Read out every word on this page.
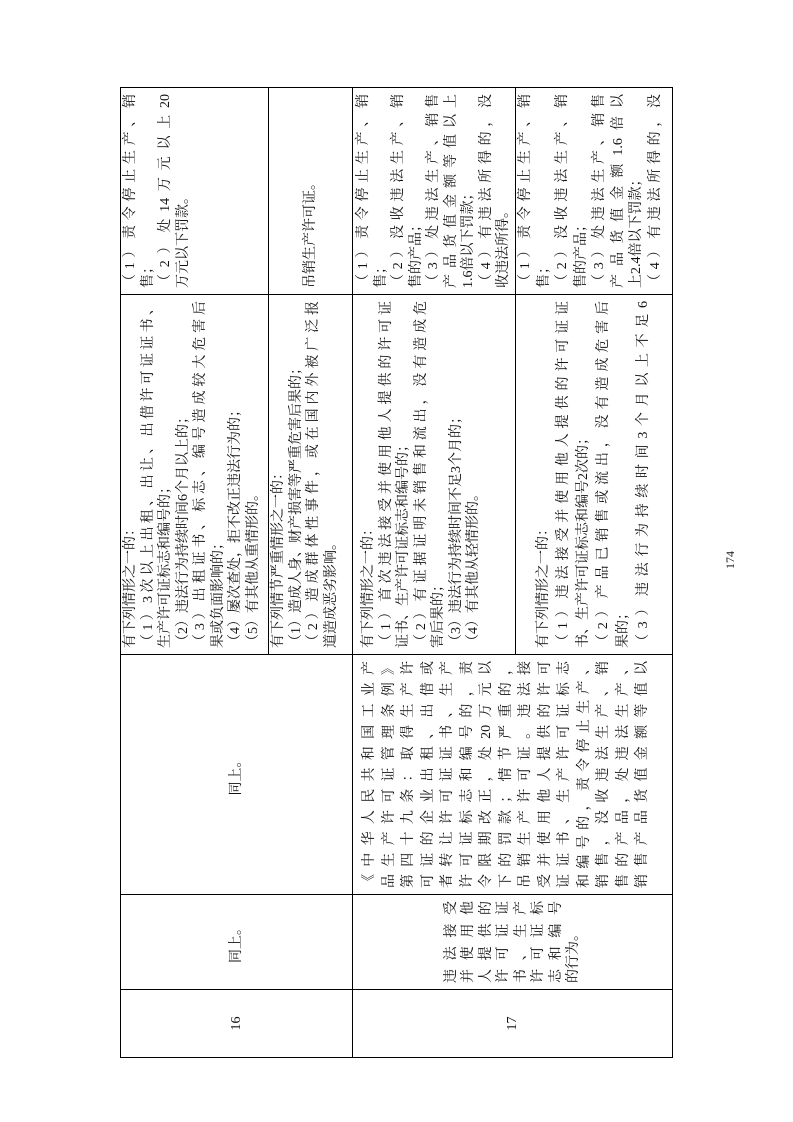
16
同上。
同上。
有下列情形之一的： （1）3次以上出租、出让、出借许可证证书、 生产许可证标志和编号的； （2）违法行为持续时间6个月以上的； （3）出租证书、标志、编号造成较大危害后 果或负面影响的； （4）屡次查处，拒不改正违法行为的； （5）有其他从重情形的。
（1）责令停止生产、销 售； （2）处14万元以上20 万元以下罚款。
有下列情节严重情形之一的： （1）造成人身、财产损害等严重危害后果的； （2）造成群体性事件，或在国内外被广泛报 道造成恶劣影响。
吊销生产许可证。
17
违法接受 并使用他 人提供的 许可证证 书、生产 许可证标 志和编号 的行为。
《中华人民共和国工业产 品生产许可证管理条例》 第四十九条：取得生产许 可证的企业出租、出借或 者转让许可证证书、生产 许可证标志和编号的，责 令限期改正，处20万元以 下的罚款；情节严重的， 吊销生产许可证。违法接 受并使用他人提供的许可 证证书、生产许可证标志 和编号的，责令停止生产、 销售，没收违法生产、销 售的产品，处违法生产、 销售产品货值金额等值以
有下列情形之一的： （1）首次违法接受并使用他人提供的许可证 证书、生产许可证标志和编号的； （2）有证据证明未销售和流出，没有造成危 害后果的； （3）违法行为持续时间不足3个月的； （4）有其他从轻情形的。
（1）责令停止生产、销 售； （2）没收违法生产、销 售的产品； （3）处违法生产、销售 产品货值金额等值以上 1.6倍以下罚款； （4）有违法所得的，没 收违法所得。
有下列情形之一的： （1）违法接受并使用他人提供的许可证证 书、生产许可证标志和编号2次的； （2）产品已销售或流出，没有造成危害后 果的； （3）违法行为持续时间3个月以上不足6
（1）责令停止生产、销 售； （2）没收违法生产、销 售的产品； （3）处违法生产、销售 产品货值金额1.6倍以 上2.4倍以下罚款； （4）有违法所得的，没
174
